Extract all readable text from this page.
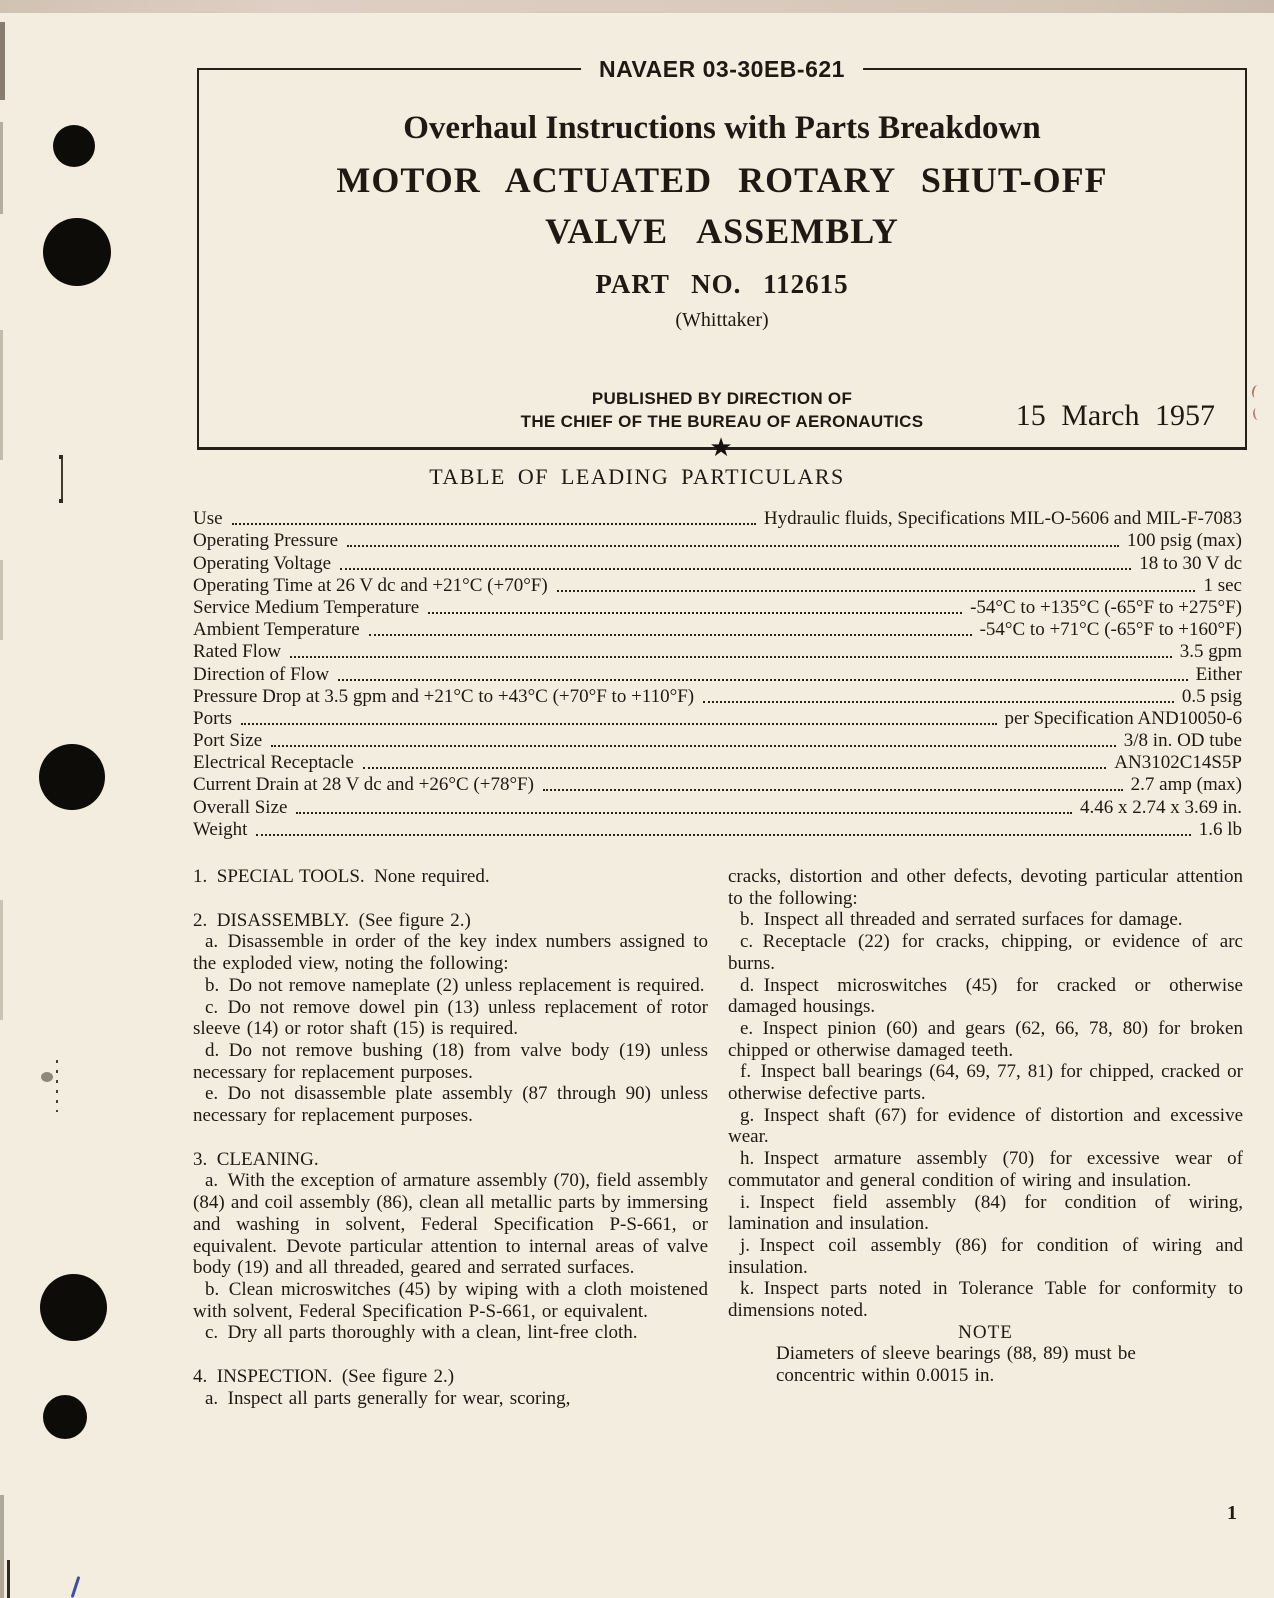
NAVAER 03-30EB-621
Overhaul Instructions with Parts Breakdown
MOTOR ACTUATED ROTARY SHUT-OFF
VALVE ASSEMBLY
PART NO. 112615
(Whittaker)
PUBLISHED BY DIRECTION OF
THE CHIEF OF THE BUREAU OF AERONAUTICS	15 March 1957
★
TABLE OF LEADING PARTICULARS
Use	Hydraulic fluids, Specifications MIL-O-5606 and MIL-F-7083
Operating Pressure	100 psig (max)
Operating Voltage	18 to 30 V dc
Operating Time at 26 V dc and +21°C (+70°F)	1 sec
Service Medium Temperature	-54°C to +135°C (-65°F to +275°F)
Ambient Temperature	-54°C to +71°C (-65°F to +160°F)
Rated Flow	3.5 gpm
Direction of Flow	Either
Pressure Drop at 3.5 gpm and +21°C to +43°C (+70°F to +110°F)	0.5 psig
Ports	per Specification AND10050-6
Port Size	3/8 in. OD tube
Electrical Receptacle	AN3102C14S5P
Current Drain at 28 V dc and +26°C (+78°F)	2.7 amp (max)
Overall Size	4.46 x 2.74 x 3.69 in.
Weight	1.6 lb

1. SPECIAL TOOLS. None required.

2. DISASSEMBLY. (See figure 2.)

a. Disassemble in order of the key index numbers assigned to the exploded view, noting the following:

b. Do not remove nameplate (2) unless replacement is required.

c. Do not remove dowel pin (13) unless replacement of rotor sleeve (14) or rotor shaft (15) is required.

d. Do not remove bushing (18) from valve body (19) unless necessary for replacement purposes.

e. Do not disassemble plate assembly (87 through 90) unless necessary for replacement purposes.

3. CLEANING.

a. With the exception of armature assembly (70), field assembly (84) and coil assembly (86), clean all metallic parts by immersing and washing in solvent, Federal Specification P-S-661, or equivalent. Devote particular attention to internal areas of valve body (19) and all threaded, geared and serrated surfaces.

b. Clean microswitches (45) by wiping with a cloth moistened with solvent, Federal Specification P-S-661, or equivalent.

c. Dry all parts thoroughly with a clean, lint-free cloth.

4. INSPECTION. (See figure 2.)

a. Inspect all parts generally for wear, scoring,

cracks, distortion and other defects, devoting particular attention to the following:

b. Inspect all threaded and serrated surfaces for damage.

c. Receptacle (22) for cracks, chipping, or evidence of arc burns.

d. Inspect microswitches (45) for cracked or otherwise damaged housings.

e. Inspect pinion (60) and gears (62, 66, 78, 80) for broken chipped or otherwise damaged teeth.

f. Inspect ball bearings (64, 69, 77, 81) for chipped, cracked or otherwise defective parts.

g. Inspect shaft (67) for evidence of distortion and excessive wear.

h. Inspect armature assembly (70) for excessive wear of commutator and general condition of wiring and insulation.

i. Inspect field assembly (84) for condition of wiring, lamination and insulation.

j. Inspect coil assembly (86) for condition of wiring and insulation.

k. Inspect parts noted in Tolerance Table for conformity to dimensions noted.

NOTE

Diameters of sleeve bearings (88, 89) must be concentric within 0.0015 in.

1
